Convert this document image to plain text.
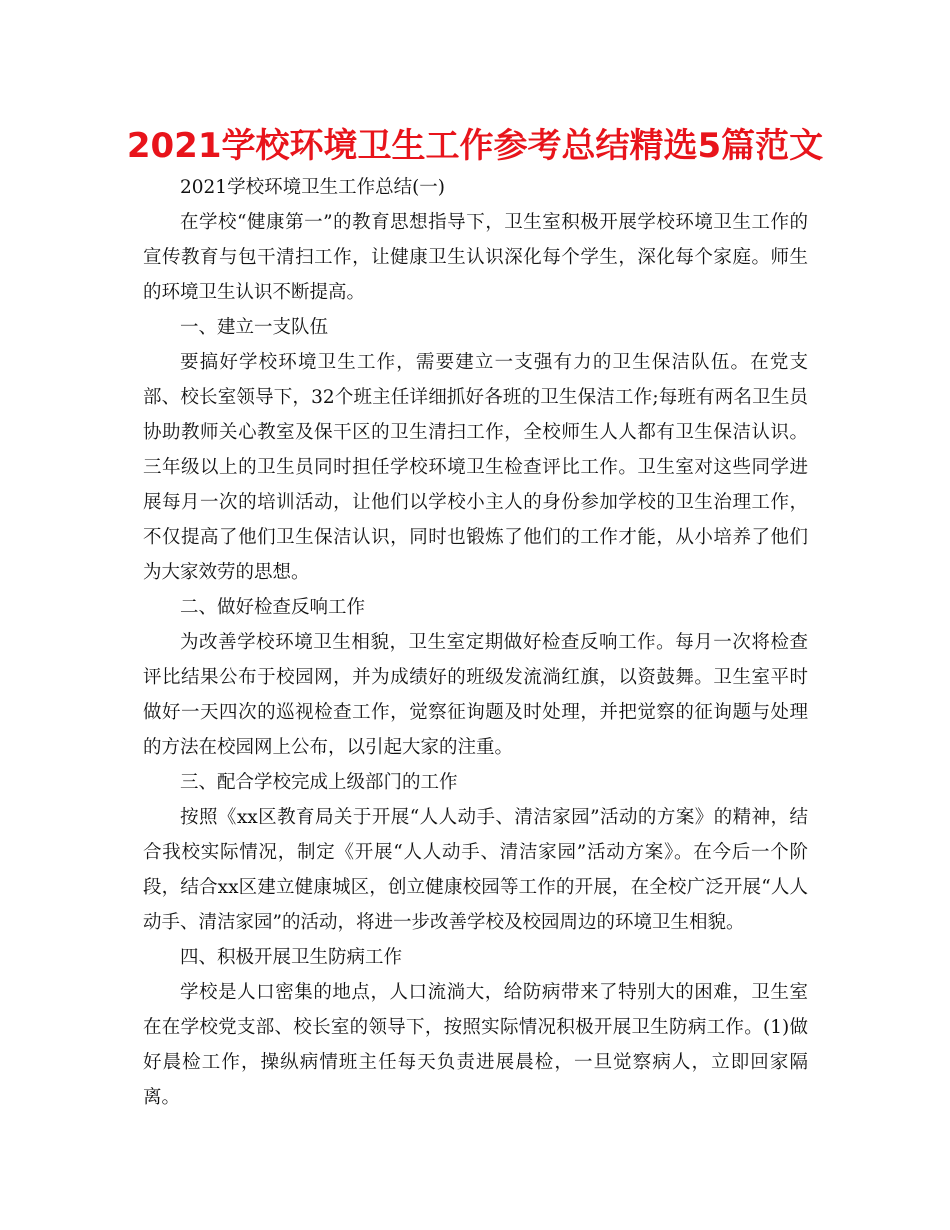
2021学校环境卫生工作参考总结精选5篇范文

2021学校环境卫生工作总结(一)

在学校“健康第一”的教育思想指导下，卫生室积极开展学校环境卫生工作的宣传教育与包干清扫工作，让健康卫生认识深化每个学生，深化每个家庭。师生的环境卫生认识不断提高。

一、建立一支队伍

要搞好学校环境卫生工作，需要建立一支强有力的卫生保洁队伍。在党支部、校长室领导下，32个班主任详细抓好各班的卫生保洁工作;每班有两名卫生员协助教师关心教室及保干区的卫生清扫工作，全校师生人人都有卫生保洁认识。三年级以上的卫生员同时担任学校环境卫生检查评比工作。卫生室对这些同学进展每月一次的培训活动，让他们以学校小主人的身份参加学校的卫生治理工作，不仅提高了他们卫生保洁认识，同时也锻炼了他们的工作才能，从小培养了他们为大家效劳的思想。

二、做好检查反响工作

为改善学校环境卫生相貌，卫生室定期做好检查反响工作。每月一次将检查评比结果公布于校园网，并为成绩好的班级发流淌红旗，以资鼓舞。卫生室平时做好一天四次的巡视检查工作，觉察征询题及时处理，并把觉察的征询题与处理的方法在校园网上公布，以引起大家的注重。

三、配合学校完成上级部门的工作

按照《xx区教育局关于开展“人人动手、清洁家园”活动的方案》的精神，结合我校实际情况，制定《开展“人人动手、清洁家园”活动方案》。在今后一个阶段，结合xx区建立健康城区，创立健康校园等工作的开展，在全校广泛开展“人人动手、清洁家园”的活动，将进一步改善学校及校园周边的环境卫生相貌。

四、积极开展卫生防病工作

学校是人口密集的地点，人口流淌大，给防病带来了特别大的困难，卫生室在在学校党支部、校长室的领导下，按照实际情况积极开展卫生防病工作。(1)做好晨检工作，操纵病情班主任每天负责进展晨检，一旦觉察病人，立即回家隔离。
